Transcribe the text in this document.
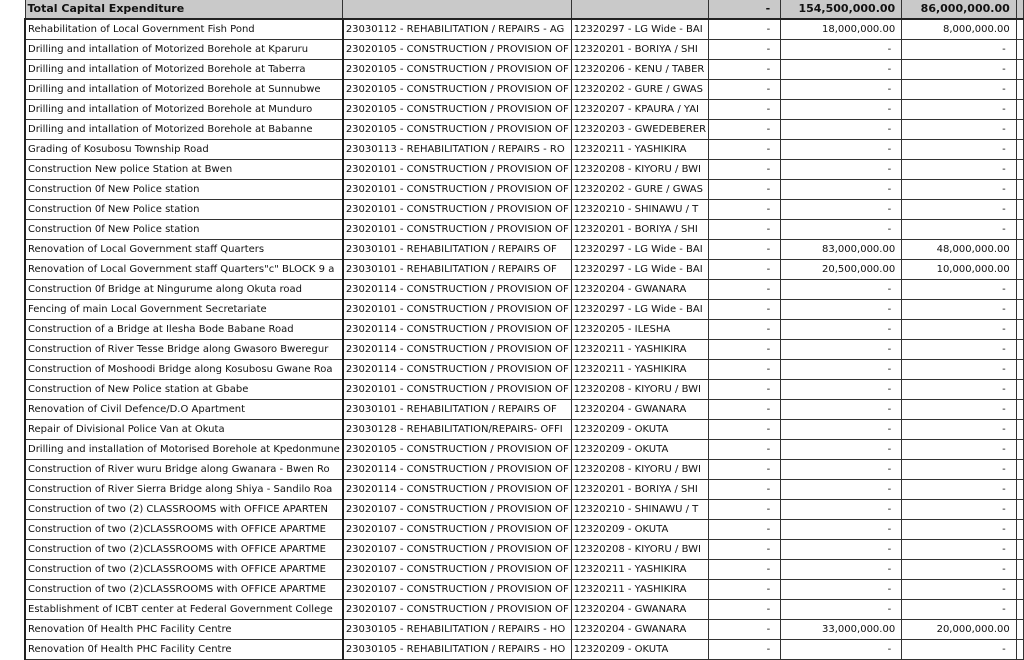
Total Capital Expenditure			-	154,500,000.00	86,000,000.00	
Rehabilitation of Local Government Fish Pond	23030112 - REHABILITATION / REPAIRS - AG	12320297 - LG Wide - BAI	-	18,000,000.00	8,000,000.00	
Drilling and intallation of Motorized Borehole at Kparuru	23020105 - CONSTRUCTION / PROVISION OF	12320201 - BORIYA / SHI	-	-	-	
Drilling and intallation of Motorized Borehole at Taberra	23020105 - CONSTRUCTION / PROVISION OF	12320206 - KENU / TABER	-	-	-	
Drilling and intallation of Motorized Borehole at Sunnubwe	23020105 - CONSTRUCTION / PROVISION OF	12320202 - GURE / GWAS	-	-	-	
Drilling and intallation of Motorized Borehole at Munduro	23020105 - CONSTRUCTION / PROVISION OF	12320207 - KPAURA / YAI	-	-	-	
Drilling and intallation of Motorized Borehole at Babanne	23020105 - CONSTRUCTION / PROVISION OF	12320203 - GWEDEBERER	-	-	-	
Grading of Kosubosu Township Road	23030113 - REHABILITATION / REPAIRS - RO	12320211 - YASHIKIRA	-	-	-	
Construction New police Station at Bwen	23020101 - CONSTRUCTION / PROVISION OF	12320208 - KIYORU / BWI	-	-	-	
Construction 0f New Police station	23020101 - CONSTRUCTION / PROVISION OF	12320202 - GURE / GWAS	-	-	-	
Construction 0f New Police station	23020101 - CONSTRUCTION / PROVISION OF	12320210 - SHINAWU / T	-	-	-	
Construction 0f New Police station	23020101 - CONSTRUCTION / PROVISION OF	12320201 - BORIYA / SHI	-	-	-	
Renovation of Local Government staff Quarters	23030101 - REHABILITATION / REPAIRS OF	12320297 - LG Wide - BAI	-	83,000,000.00	48,000,000.00	
Renovation of Local Government staff Quarters"c" BLOCK 9 a	23030101 - REHABILITATION / REPAIRS OF	12320297 - LG Wide - BAI	-	20,500,000.00	10,000,000.00	
Construction 0f Bridge at Ningurume along Okuta road	23020114 - CONSTRUCTION / PROVISION OF	12320204 - GWANARA	-	-	-	
Fencing of main Local Government Secretariate	23020101 - CONSTRUCTION / PROVISION OF	12320297 - LG Wide - BAI	-	-	-	
Construction of a Bridge at Ilesha Bode Babane Road	23020114 - CONSTRUCTION / PROVISION OF	12320205 - ILESHA	-	-	-	
Construction of River Tesse Bridge along Gwasoro Bweregur	23020114 - CONSTRUCTION / PROVISION OF	12320211 - YASHIKIRA	-	-	-	
Construction of Moshoodi Bridge along Kosubosu Gwane Roa	23020114 - CONSTRUCTION / PROVISION OF	12320211 - YASHIKIRA	-	-	-	
Construction of New Police station at Gbabe	23020101 - CONSTRUCTION / PROVISION OF	12320208 - KIYORU / BWI	-	-	-	
Renovation of Civil Defence/D.O Apartment	23030101 - REHABILITATION / REPAIRS OF	12320204 - GWANARA	-	-	-	
Repair of Divisional Police Van at Okuta	23030128 - REHABILITATION/REPAIRS- OFFI	12320209 - OKUTA	-	-	-	
Drilling and installation of Motorised Borehole at Kpedonmune	23020105 - CONSTRUCTION / PROVISION OF	12320209 - OKUTA	-	-	-	
Construction of River wuru Bridge along Gwanara - Bwen Ro	23020114 - CONSTRUCTION / PROVISION OF	12320208 - KIYORU / BWI	-	-	-	
Construction of River Sierra Bridge along Shiya - Sandilo Roa	23020114 - CONSTRUCTION / PROVISION OF	12320201 - BORIYA / SHI	-	-	-	
Construction of two (2) CLASSROOMS with OFFICE APARTEN	23020107 - CONSTRUCTION / PROVISION OF	12320210 - SHINAWU / T	-	-	-	
Construction of two (2)CLASSROOMS with OFFICE APARTME	23020107 - CONSTRUCTION / PROVISION OF	12320209 - OKUTA	-	-	-	
Construction of two (2)CLASSROOMS with OFFICE APARTME	23020107 - CONSTRUCTION / PROVISION OF	12320208 - KIYORU / BWI	-	-	-	
Construction of two (2)CLASSROOMS with OFFICE APARTME	23020107 - CONSTRUCTION / PROVISION OF	12320211 - YASHIKIRA	-	-	-	
Construction of two (2)CLASSROOMS with OFFICE APARTME	23020107 - CONSTRUCTION / PROVISION OF	12320211 - YASHIKIRA	-	-	-	
Establishment of ICBT center at Federal Government College	23020107 - CONSTRUCTION / PROVISION OF	12320204 - GWANARA	-	-	-	
Renovation 0f Health PHC Facility Centre	23030105 - REHABILITATION / REPAIRS - HO	12320204 - GWANARA	-	33,000,000.00	20,000,000.00	
Renovation 0f Health PHC Facility Centre	23030105 - REHABILITATION / REPAIRS - HO	12320209 - OKUTA	-	-	-	
